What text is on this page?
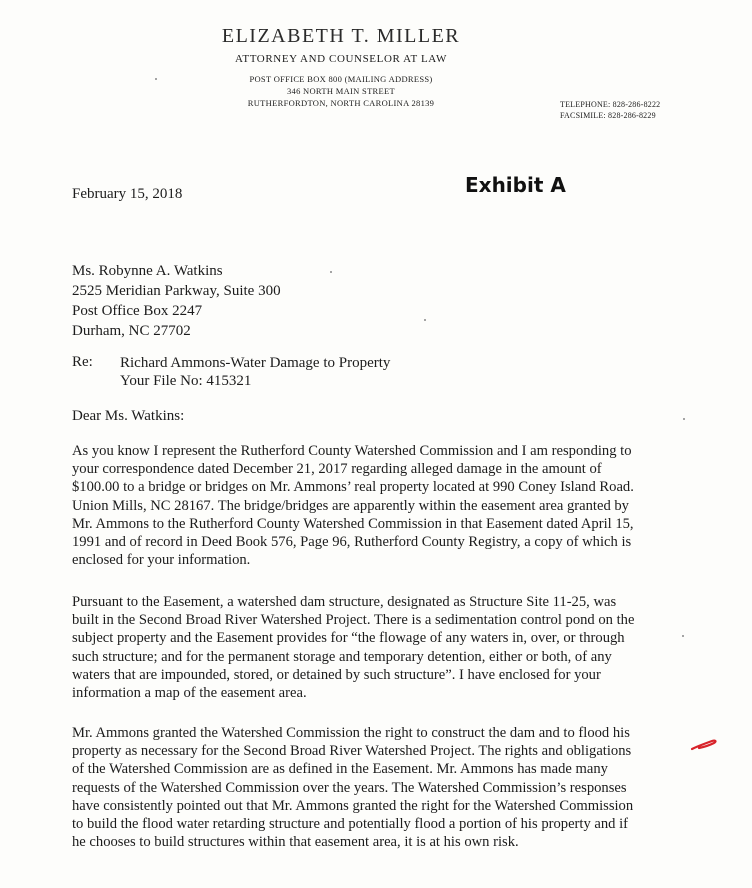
ELIZABETH T. MILLER
ATTORNEY AND COUNSELOR AT LAW
POST OFFICE BOX 800 (MAILING ADDRESS)
346 NORTH MAIN STREET
RUTHERFORDTON, NORTH CAROLINA 28139	TELEPHONE: 828-286-8222
FACSIMILE: 828-286-8229
Exhibit A
February 15, 2018
Ms. Robynne A. Watkins
2525 Meridian Parkway, Suite 300
Post Office Box 2247
Durham, NC 27702
Re: Richard Ammons-Water Damage to Property
Your File No: 415321
Dear Ms. Watkins:
As you know I represent the Rutherford County Watershed Commission and I am responding to
your correspondence dated December 21, 2017 regarding alleged damage in the amount of
$100.00 to a bridge or bridges on Mr. Ammons’ real property located at 990 Coney Island Road.
Union Mills, NC 28167. The bridge/bridges are apparently within the easement area granted by
Mr. Ammons to the Rutherford County Watershed Commission in that Easement dated April 15,
1991 and of record in Deed Book 576, Page 96, Rutherford County Registry, a copy of which is
enclosed for your information.
Pursuant to the Easement, a watershed dam structure, designated as Structure Site 11-25, was
built in the Second Broad River Watershed Project. There is a sedimentation control pond on the
subject property and the Easement provides for “the flowage of any waters in, over, or through
such structure; and for the permanent storage and temporary detention, either or both, of any
waters that are impounded, stored, or detained by such structure”. I have enclosed for your
information a map of the easement area.
Mr. Ammons granted the Watershed Commission the right to construct the dam and to flood his
property as necessary for the Second Broad River Watershed Project. The rights and obligations
of the Watershed Commission are as defined in the Easement. Mr. Ammons has made many
requests of the Watershed Commission over the years. The Watershed Commission’s responses
have consistently pointed out that Mr. Ammons granted the right for the Watershed Commission
to build the flood water retarding structure and potentially flood a portion of his property and if
he chooses to build structures within that easement area, it is at his own risk.
